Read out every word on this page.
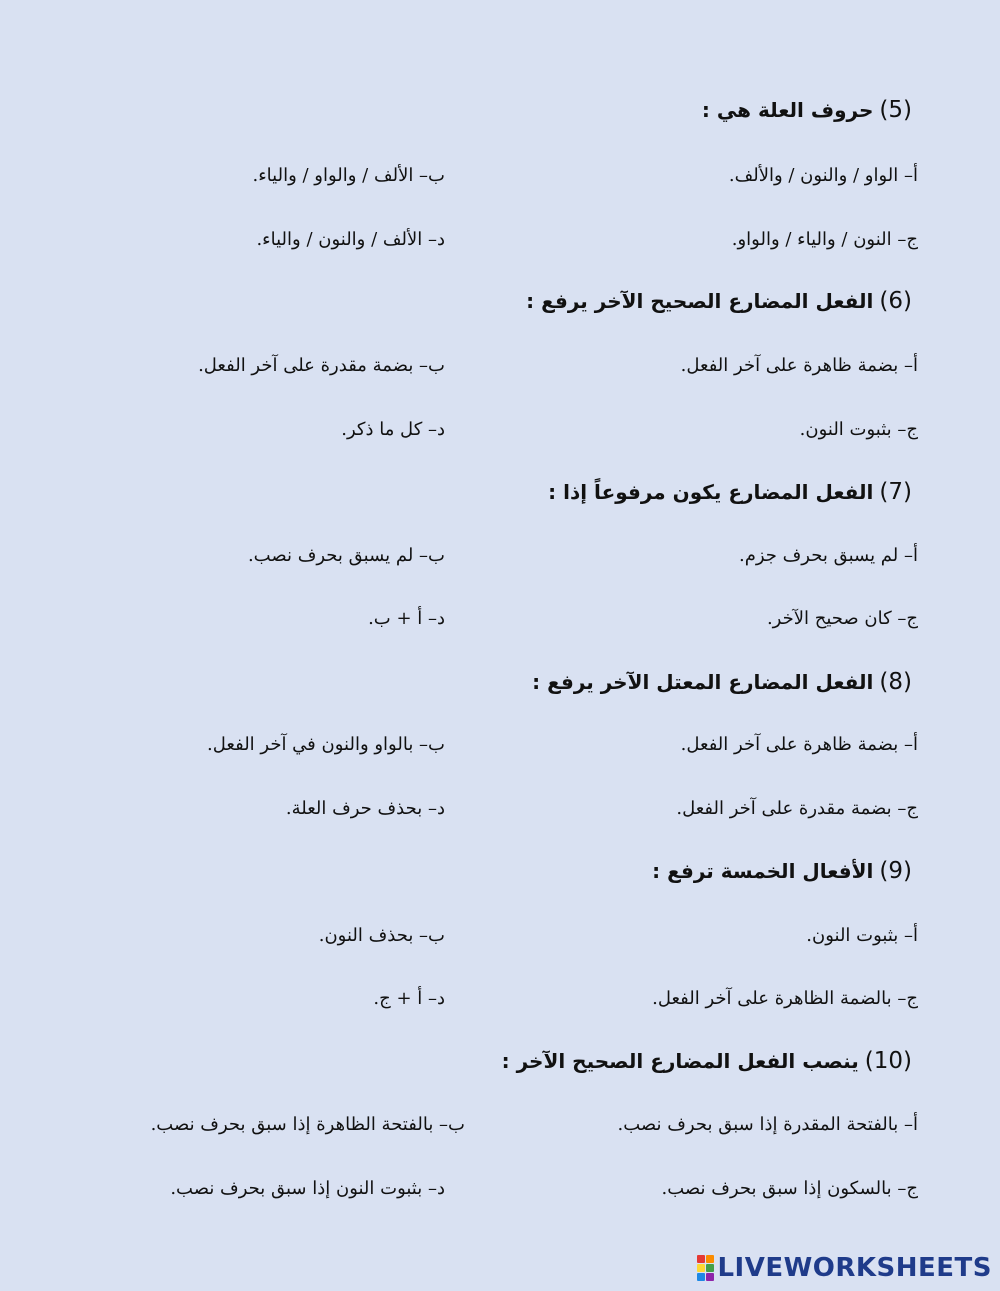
(5)حروف العلة هي :
أ– الواو / والنون / والألف.
ب– الألف / والواو / والياء.
ج– النون / والياء / والواو.
د– الألف / والنون / والياء.
(6)الفعل المضارع الصحيح الآخر يرفع :
أ– بضمة ظاهرة على آخر الفعل.
ب– بضمة مقدرة على آخر الفعل.
ج– بثبوت النون.
د– كل ما ذكر.
(7)الفعل المضارع يكون مرفوعاً إذا :
أ– لم يسبق بحرف جزم.
ب– لم يسبق بحرف نصب.
ج– كان صحيح الآخر.
د– أ + ب.
(8)الفعل المضارع المعتل الآخر يرفع :
أ– بضمة ظاهرة على آخر الفعل.
ب– بالواو والنون في آخر الفعل.
ج– بضمة مقدرة على آخر الفعل.
د– بحذف حرف العلة.
(9)الأفعال الخمسة ترفع :
أ– بثبوت النون.
ب– بحذف النون.
ج– بالضمة الظاهرة على آخر الفعل.
د– أ + ج.
(10)ينصب الفعل المضارع الصحيح الآخر :
أ– بالفتحة المقدرة إذا سبق بحرف نصب.
ب– بالفتحة الظاهرة إذا سبق بحرف نصب.
ج– بالسكون إذا سبق بحرف نصب.
د– بثبوت النون إذا سبق بحرف نصب.
LIVEWORKSHEETS
